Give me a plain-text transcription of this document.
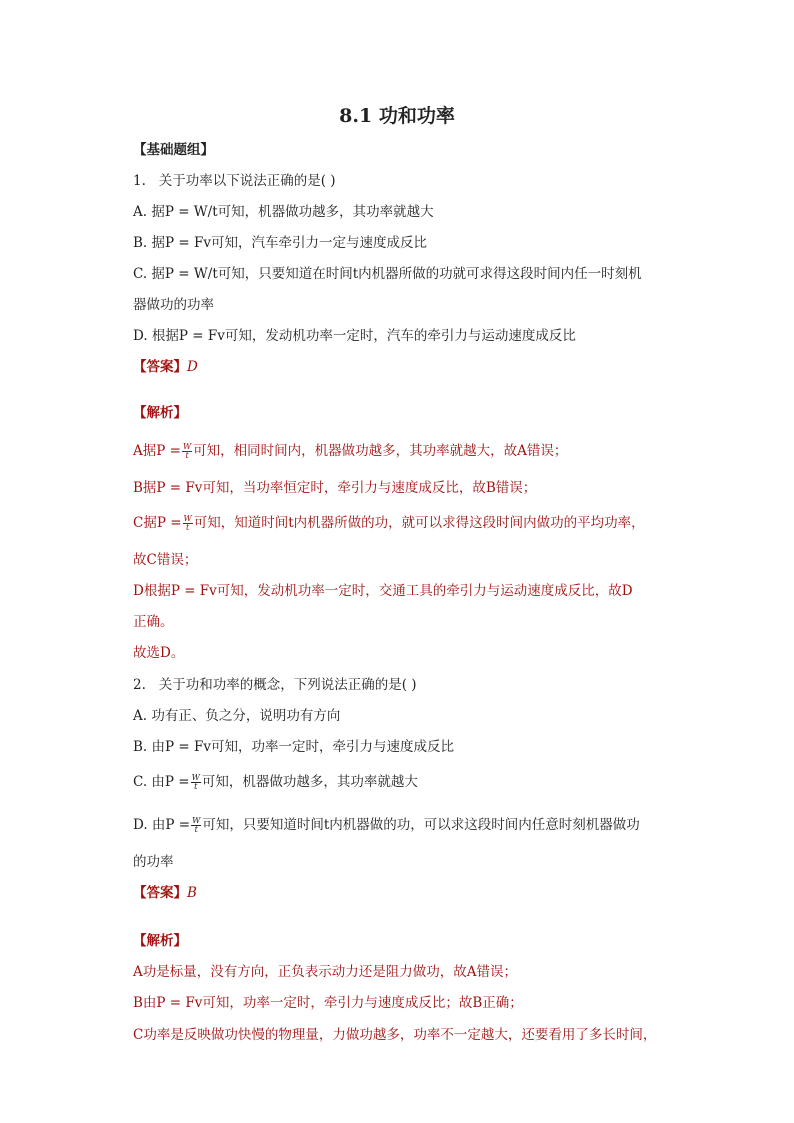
8.1 功和功率
【基础题组】
1.   关于功率以下说法正确的是( )
A. 据P = W/t可知，机器做功越多，其功率就越大
B. 据P = Fv可知，汽车牵引力一定与速度成反比
C. 据P = W/t可知，只要知道在时间t内机器所做的功就可求得这段时间内任一时刻机
器做功的功率
D. 根据P = Fv可知，发动机功率一定时，汽车的牵引力与运动速度成反比
【答案】D
【解析】
A据$P = \frac{W}{t}$ 可知，相同时间内，机器做功越多，其功率就越大，故A错误；
B据P = Fv可知，当功率恒定时，牵引力与速度成反比，故B错误；
C据$P = \frac{W}{t}$ 可知，知道时间t内机器所做的功，就可以求得这段时间内做功的平均功率，
故C错误；
D根据P = Fv可知，发动机功率一定时，交通工具的牵引力与运动速度成反比，故D
正确。
故选D。
2.   关于功和功率的概念，下列说法正确的是( )
A. 功有正、负之分，说明功有方向
B. 由P = Fv可知，功率一定时，牵引力与速度成反比
C. 由$P = \frac{W}{t}$ 可知，机器做功越多，其功率就越大
D. 由$P = \frac{W}{t}$ 可知，只要知道时间t内机器做的功，可以求这段时间内任意时刻机器做功
的功率
【答案】B
【解析】
A功是标量，没有方向，正负表示动力还是阻力做功，故A错误；
B由P = Fv可知，功率一定时，牵引力与速度成反比；故B正确；
C功率是反映做功快慢的物理量，力做功越多，功率不一定越大，还要看用了多长时间，
